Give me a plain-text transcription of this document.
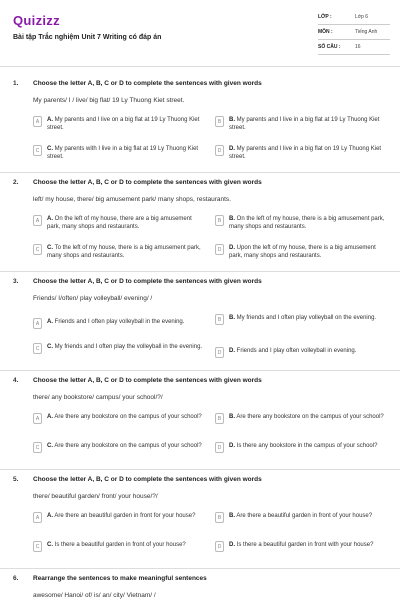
Quizizz
Bài tập Trắc nghiệm Unit 7 Writing có đáp án
LỚP :	Lớp 6
MÔN :	Tiếng Anh
SỐ CÂU :	16
1. Choose the letter A, B, C or D to complete the sentences with given words
My parents/ I / live/ big flat/ 19 Ly Thuong Kiet street.
A	A. My parents and I live on a big flat at 19 Ly Thuong Kiet street.
B	B. My parents and I live in a big flat at 19 Ly Thuong Kiet street.
C	C. My parents with I live in a big flat at 19 Ly Thuong Kiet street.
D	D. My parents and I live in a big flat on 19 Ly Thuong Kiet street.
2. Choose the letter A, B, C or D to complete the sentences with given words
left/ my house, there/ big amusement park/ many shops, restaurants.
A	A. On the left of my house, there are a big amusement park, many shops and restaurants.
B	B. On the left of my house, there is a big amusement park, many shops and restaurants.
C	C. To the left of my house, there is a big amusement park, many shops and restaurants.
D	D. Upon the left of my house, there is a big amusement park, many shops and restaurants.
3. Choose the letter A, B, C or D to complete the sentences with given words
Friends/ I/often/ play volleyball/ evening/ /
A	A. Friends and I often play volleyball in the evening.	B	B. My friends and I often play volleyball on the evening.
C	C. My friends and I often play the volleyball in the evening.
D	D. Friends and I play often volleyball in evening.
4. Choose the letter A, B, C or D to complete the sentences with given words
there/ any bookstore/ campus/ your school/?/
A	A. Are there any bookstore on the campus of your school?	B	B. Are there any bookstore on the campus of your school?
C	C. Are there any bookstore on the campus of your school?	D	D. Is there any bookstore in the campus of your school?
5. Choose the letter A, B, C or D to complete the sentences with given words
there/ beautiful garden/ front/ your house/?/
A	A. Are there an beautiful garden in front for your house?	B	B. Are there a beautiful garden in front of your house?
C	C. Is there a beautiful garden in front of your house?	D	D. Is there a beautiful garden in front with your house?
6. Rearrange the sentences to make meaningful sentences
awesome/ Hanoi/ of/ is/ an/ city/ Vietnam/ /
